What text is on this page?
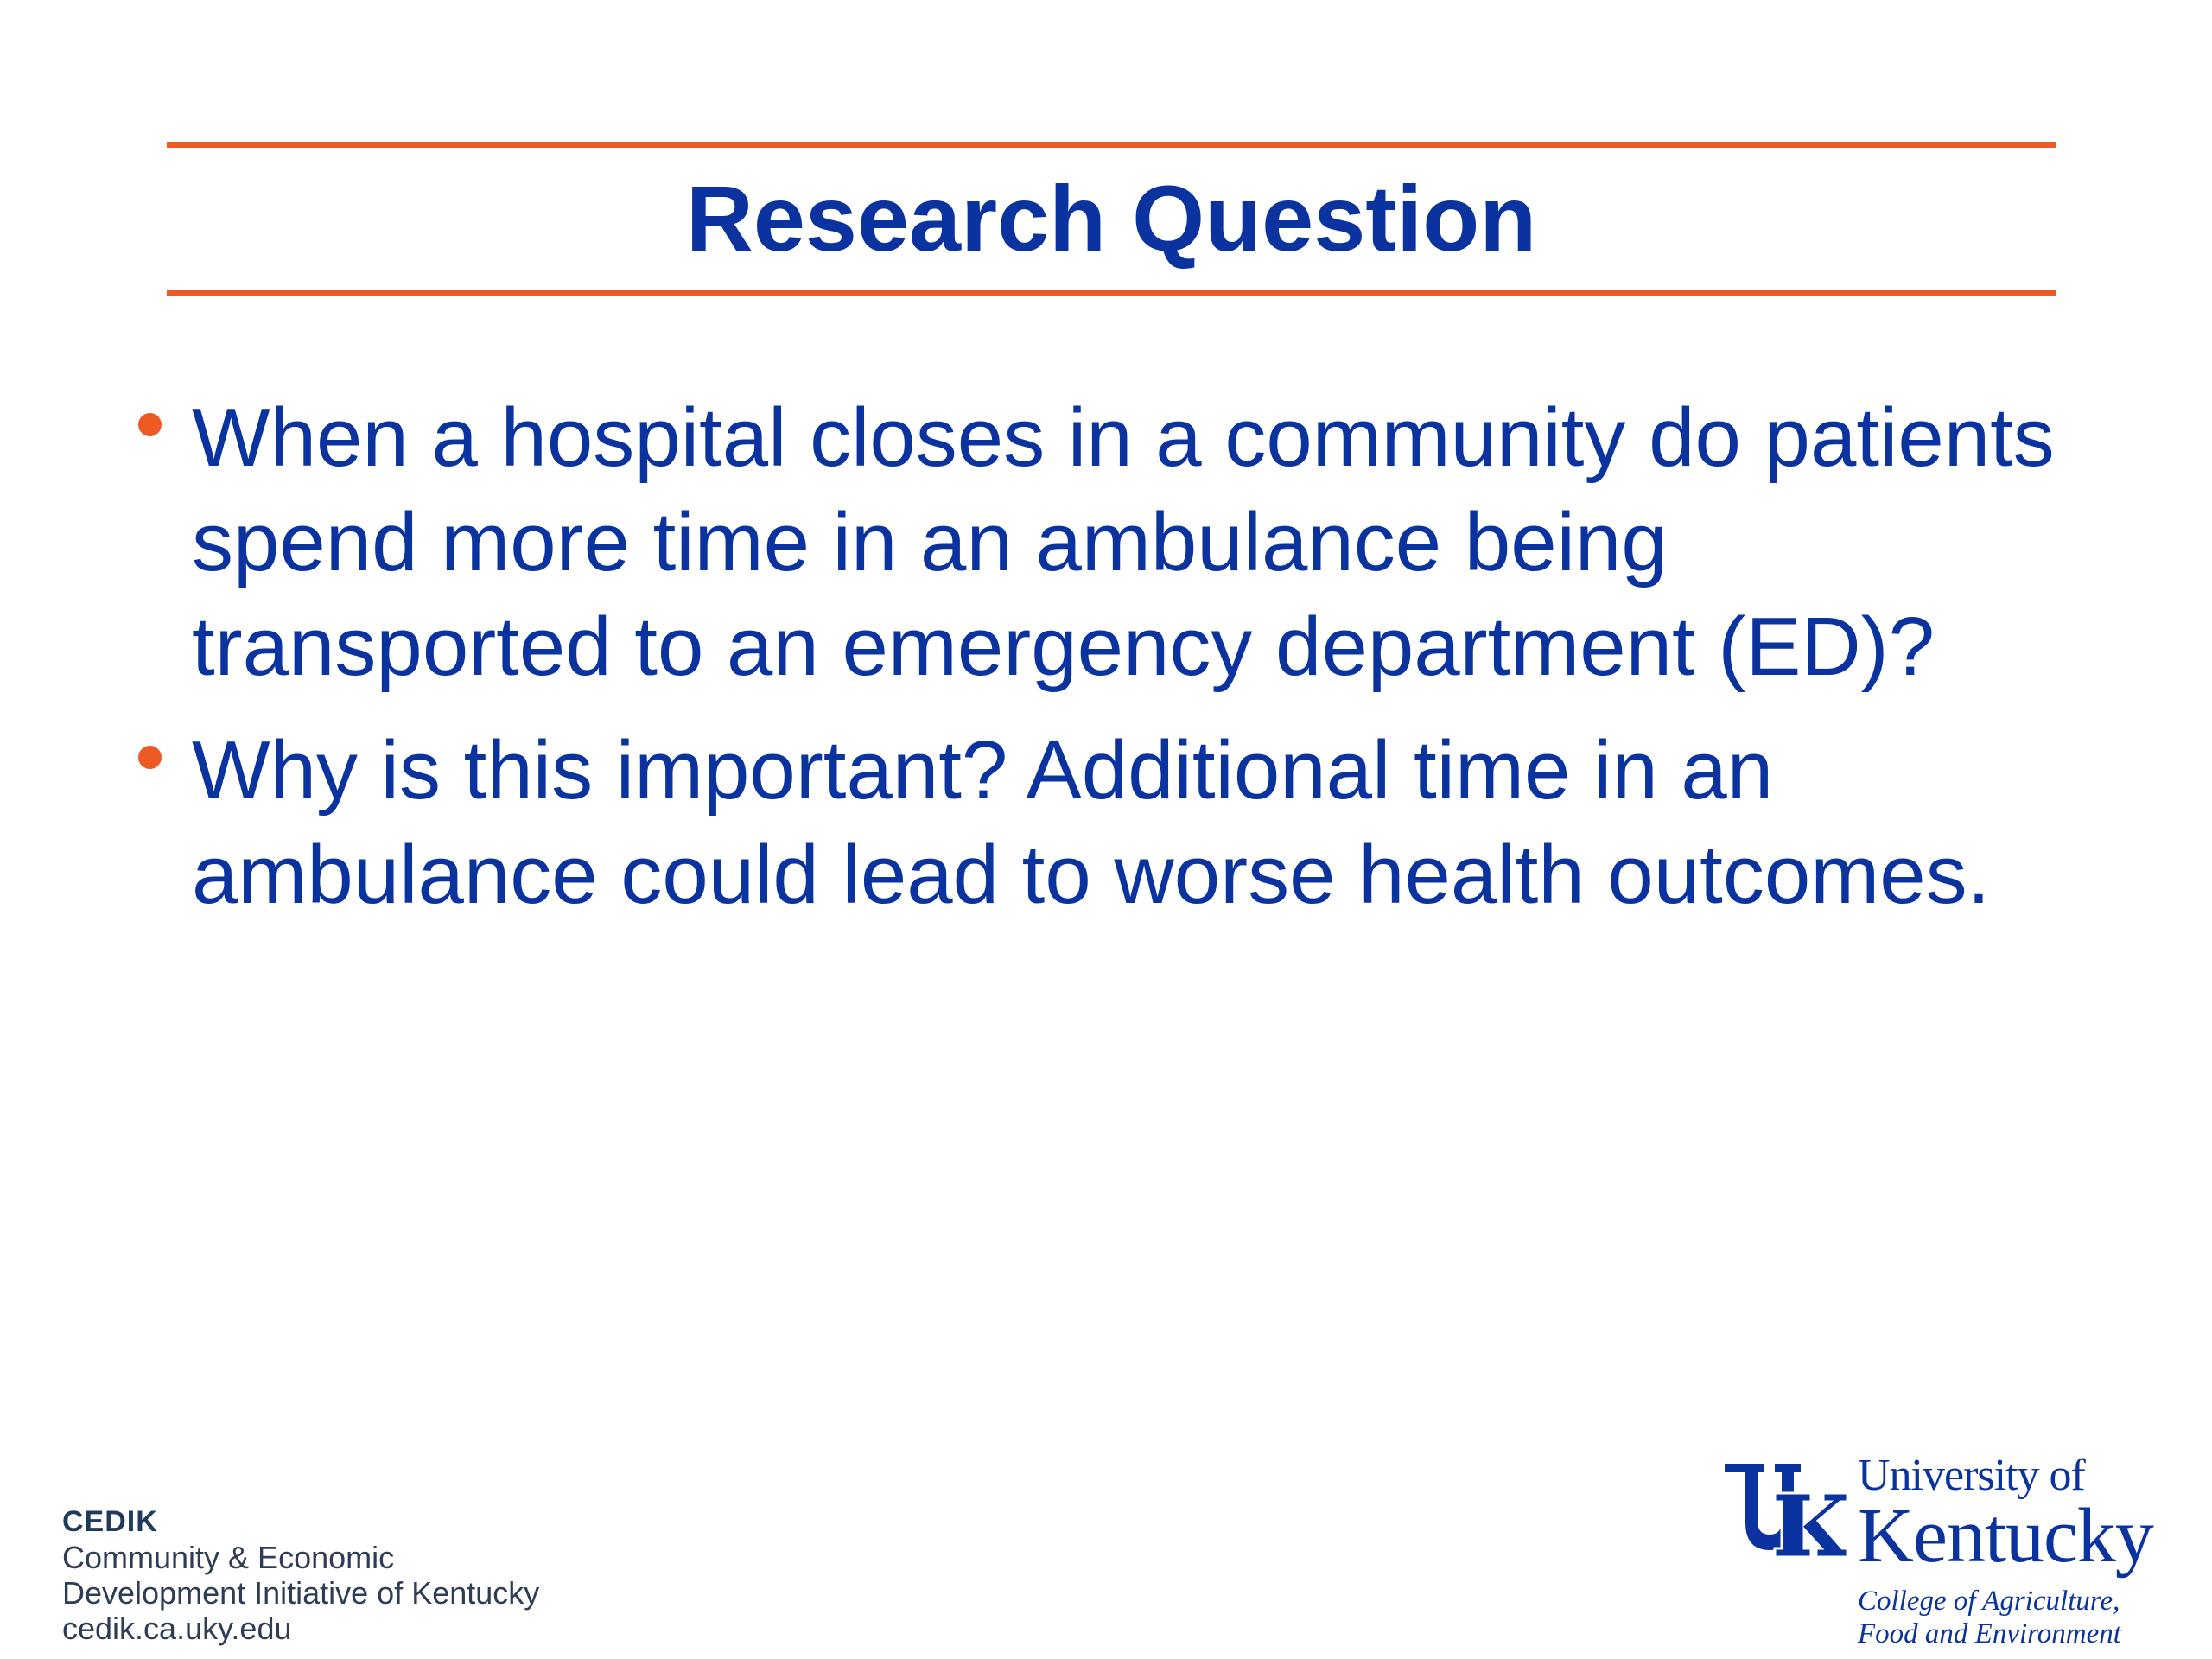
Research Question
When a hospital closes in a community do patients spend more time in an ambulance being transported to an emergency department (ED)?
Why is this important? Additional time in an ambulance could lead to worse health outcomes.
CEDIK
Community & Economic
Development Initiative of Kentucky
cedik.ca.uky.edu
University of
Kentucky
College of Agriculture,
Food and Environment
